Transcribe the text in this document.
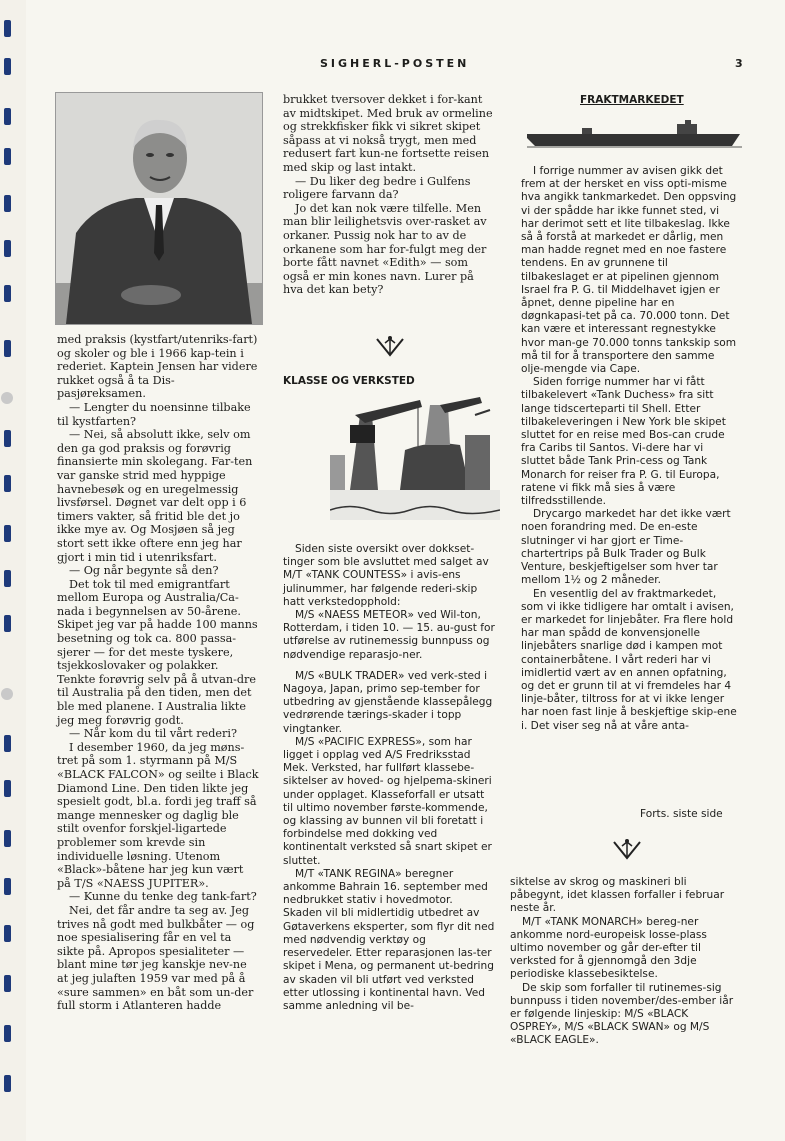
SIGHERL-POSTEN	3

med praksis (kystfart/utenriks-fart) og skoler og ble i 1966 kap-tein i rederiet. Kaptein Jensen har videre rukket også å ta Dis-pasjøreksamen.

— Lengter du noensinne tilbake til kystfarten?

— Nei, så absolutt ikke, selv om den ga god praksis og forøvrig finansierte min skolegang. Far-ten var ganske strid med hyppige havnebesøk og en uregelmessig livsførsel. Døgnet var delt opp i 6 timers vakter, så fritid ble det jo ikke mye av. Og Mosjøen så jeg stort sett ikke oftere enn jeg har gjort i min tid i utenriksfart.

— Og når begynte så den?

Det tok til med emigrantfart mellom Europa og Australia/Ca-nada i begynnelsen av 50-årene. Skipet jeg var på hadde 100 manns besetning og tok ca. 800 passa-sjerer — for det meste tyskere, tsjekkoslovaker og polakker. Tenkte forøvrig selv på å utvan-dre til Australia på den tiden, men det ble med planene. I Australia likte jeg meg forøvrig godt.

— Når kom du til vårt rederi?

I desember 1960, da jeg møns-tret på som 1. styrmann på M/S «BLACK FALCON» og seilte i Black Diamond Line. Den tiden likte jeg spesielt godt, bl.a. fordi jeg traff så mange mennesker og daglig ble stilt ovenfor forskjel-ligartede problemer som krevde sin individuelle løsning. Utenom «Black»-båtene har jeg kun vært på T/S «NAESS JUPITER».

— Kunne du tenke deg tank-fart?

Nei, det får andre ta seg av. Jeg trives nå godt med bulkbåter — og noe spesialisering får en vel ta sikte på. Apropos spesialiteter — blant mine tør jeg kanskje nev-ne at jeg julaften 1959 var med på å «sure sammen» en båt som un-der full storm i Atlanteren hadde

brukket tversover dekket i for-kant av midtskipet. Med bruk av ormeline og strekkfisker fikk vi sikret skipet såpass at vi nokså trygt, men med redusert fart kun-ne fortsette reisen med skip og last intakt.

— Du liker deg bedre i Gulfens roligere farvann da?

Jo det kan nok være tilfelle. Men man blir leilighetsvis over-rasket av orkaner. Pussig nok har to av de orkanene som har for-fulgt meg der borte fått navnet «Edith» — som også er min kones navn. Lurer på hva det kan bety?

KLASSE OG VERKSTED

Siden siste oversikt over dokkset-tinger som ble avsluttet med salget av M/T «TANK COUNTESS» i avis-ens julinummer, har følgende rederi-skip hatt verkstedopphold:

M/S «NAESS METEOR» ved Wil-ton, Rotterdam, i tiden 10. — 15. au-gust for utførelse av rutinemessig bunnpuss og nødvendige reparasjo-ner.

M/S «BULK TRADER» ved verk-sted i Nagoya, Japan, primo sep-tember for utbedring av gjenstående klassepålegg vedrørende tærings-skader i topp vingtanker.

M/S «PACIFIC EXPRESS», som har ligget i opplag ved A/S Fredriksstad Mek. Verksted, har fullført klassebe-siktelser av hoved- og hjelpema-skineri under opplaget. Klasseforfall er utsatt til ultimo november første-kommende, og klassing av bunnen vil bli foretatt i forbindelse med dokking ved kontinentalt verksted så snart skipet er sluttet.

M/T «TANK REGINA» beregner ankomme Bahrain 16. september med nedbrukket stativ i hovedmotor. Skaden vil bli midlertidig utbedret av Gøtaverkens eksperter, som flyr dit ned med nødvendig verktøy og reservedeler. Etter reparasjonen las-ter skipet i Mena, og permanent ut-bedring av skaden vil bli utført ved verksted etter utlossing i kontinental havn. Ved samme anledning vil be-

FRAKTMARKEDET

I forrige nummer av avisen gikk det frem at der hersket en viss opti-misme hva angikk tankmarkedet. Den oppsving vi der spådde har ikke funnet sted, vi har derimot sett et lite tilbakeslag. Ikke så å forstå at markedet er dårlig, men man hadde regnet med en noe fastere tendens. En av grunnene til tilbakeslaget er at pipelinen gjennom Israel fra P. G. til Middelhavet igjen er åpnet, denne pipeline har en døgnkapasi-tet på ca. 70.000 tonn. Det kan være et interessant regnestykke hvor man-ge 70.000 tonns tankskip som må til for å transportere den samme olje-mengde via Cape.

Siden forrige nummer har vi fått tilbakelevert «Tank Duchess» fra sitt lange tidscerteparti til Shell. Etter tilbakeleveringen i New York ble skipet sluttet for en reise med Bos-can crude fra Caribs til Santos. Vi-dere har vi sluttet både Tank Prin-cess og Tank Monarch for reiser fra P. G. til Europa, ratene vi fikk må sies å være tilfredsstillende.

Drycargo markedet har det ikke vært noen forandring med. De en-este slutninger vi har gjort er Time-chartertrips på Bulk Trader og Bulk Venture, beskjeftigelser som hver tar mellom 1½ og 2 måneder.

En vesentlig del av fraktmarkedet, som vi ikke tidligere har omtalt i avisen, er markedet for linjebåter. Fra flere hold har man spådd de konvensjonelle linjebåters snarlige død i kampen mot containerbåtene. I vårt rederi har vi imidlertid vært av en annen opfatning, og det er grunn til at vi fremdeles har 4 linje-båter, tiltross for at vi ikke lenger har noen fast linje å beskjeftige skip-ene i. Det viser seg nå at våre anta-

Forts. siste side

siktelse av skrog og maskineri bli påbegynt, idet klassen forfaller i februar neste år.

M/T «TANK MONARCH» bereg-ner ankomme nord-europeisk losse-plass ultimo november og går der-efter til verksted for å gjennomgå den 3dje periodiske klassebesiktelse.

De skip som forfaller til rutinemes-sig bunnpuss i tiden november/des-ember iår er følgende linjeskip: M/S «BLACK OSPREY», M/S «BLACK SWAN» og M/S «BLACK EAGLE».
